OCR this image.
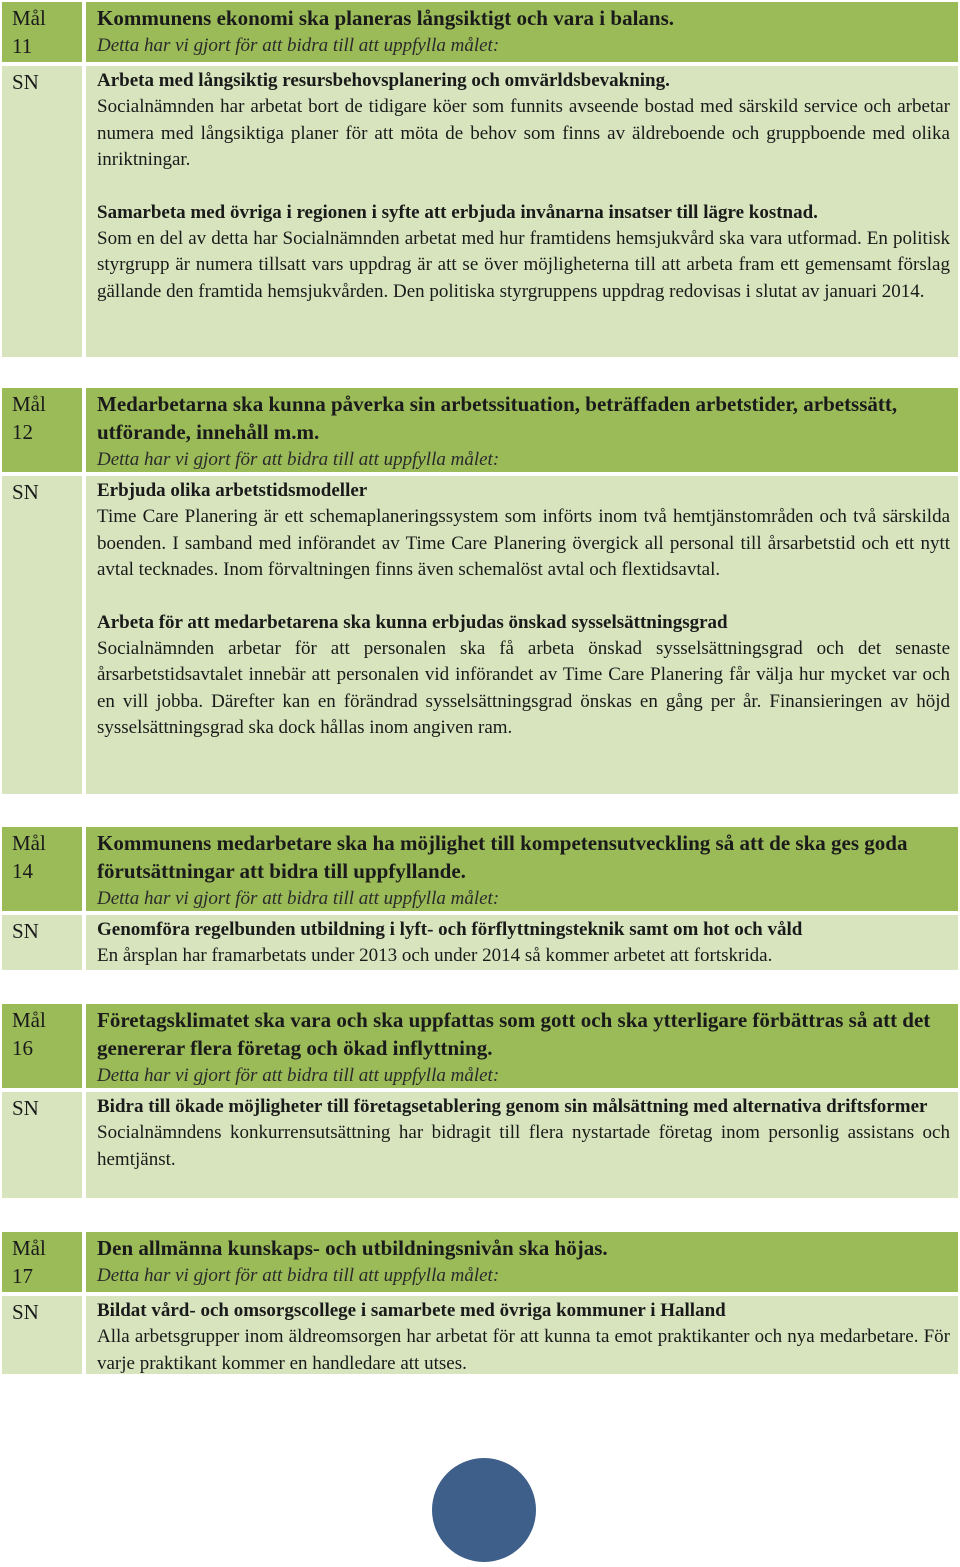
Mål
11
SN
Kommunens ekonomi ska planeras långsiktigt och vara i balans.
Detta har vi gjort för att bidra till att uppfylla målet:
Arbeta med långsiktig resursbehovsplanering och omvärldsbevakning.
Socialnämnden har arbetat bort de tidigare köer som funnits avseende bostad med särskild service och arbetar numera med långsiktiga planer för att möta de behov som finns av äldreboende och gruppboende med olika inriktningar.
Samarbeta med övriga i regionen i syfte att erbjuda invånarna insatser till lägre kostnad.
Som en del av detta har Socialnämnden arbetat med hur framtidens hemsjukvård ska vara utformad. En politisk styrgrupp är numera tillsatt vars uppdrag är att se över möjligheterna till att arbeta fram ett gemensamt förslag gällande den framtida hemsjukvården. Den politiska styrgruppens uppdrag redovisas i slutat av januari 2014.
Mål
12
SN
Medarbetarna ska kunna påverka sin arbetssituation, beträffaden arbetstider, arbetssätt, utförande, innehåll m.m.
Detta har vi gjort för att bidra till att uppfylla målet:
Erbjuda olika arbetstidsmodeller
Time Care Planering är ett schemaplaneringssystem som införts inom två hemtjänstområden och två särskilda boenden. I samband med införandet av Time Care Planering övergick all personal till årsarbetstid och ett nytt avtal tecknades. Inom förvaltningen finns även schemalöst avtal och flextidsavtal.
Arbeta för att medarbetarena ska kunna erbjudas önskad sysselsättningsgrad
Socialnämnden arbetar för att personalen ska få arbeta önskad sysselsättningsgrad och det senaste årsarbetstidsavtalet innebär att personalen vid införandet av Time Care Planering får välja hur mycket var och en vill jobba. Därefter kan en förändrad sysselsättningsgrad önskas en gång per år. Finansieringen av höjd sysselsättningsgrad ska dock hållas inom angiven ram.
Mål
14
SN
Kommunens medarbetare ska ha möjlighet till kompetensutveckling så att de ska ges goda förutsättningar att bidra till uppfyllande.
Detta har vi gjort för att bidra till att uppfylla målet:
Genomföra regelbunden utbildning i lyft- och förflyttningsteknik samt om hot och våld
En årsplan har framarbetats under 2013 och under 2014 så kommer arbetet att fortskrida.
Mål
16
SN
Företagsklimatet ska vara och ska uppfattas som gott och ska ytterligare förbättras så att det genererar flera företag och ökad inflyttning.
Detta har vi gjort för att bidra till att uppfylla målet:
Bidra till ökade möjligheter till företagsetablering genom sin målsättning med alternativa driftsformer
Socialnämndens konkurrensutsättning har bidragit till flera nystartade företag inom personlig assistans och hemtjänst.
Mål
17
SN
Den allmänna kunskaps- och utbildningsnivån ska höjas.
Detta har vi gjort för att bidra till att uppfylla målet:
Bildat vård- och omsorgscollege i samarbete med övriga kommuner i Halland
Alla arbetsgrupper inom äldreomsorgen har arbetat för att kunna ta emot praktikanter och nya medarbetare. För varje praktikant kommer en handledare att utses.
